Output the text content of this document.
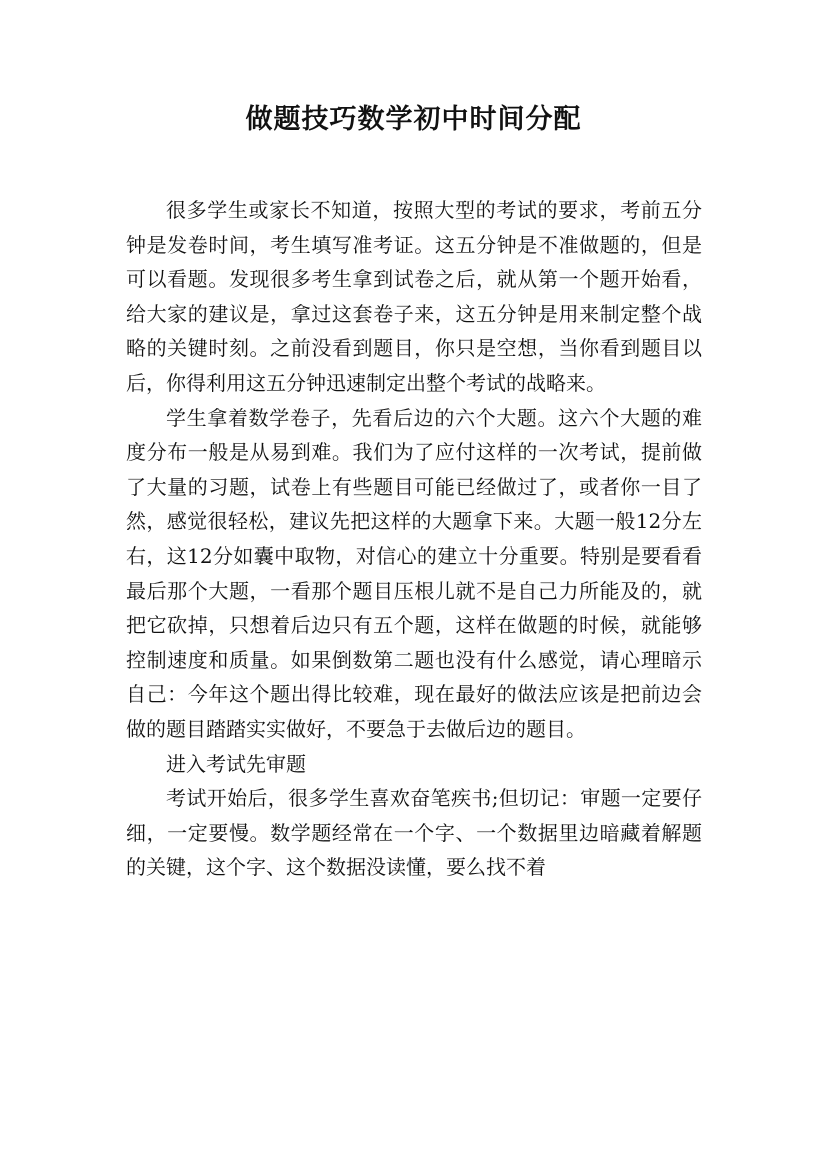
做题技巧数学初中时间分配

很多学生或家长不知道，按照大型的考试的要求，考前五分钟是发卷时间，考生填写准考证。这五分钟是不准做题的，但是可以看题。发现很多考生拿到试卷之后，就从第一个题开始看，给大家的建议是，拿过这套卷子来，这五分钟是用来制定整个战略的关键时刻。之前没看到题目，你只是空想，当你看到题目以后，你得利用这五分钟迅速制定出整个考试的战略来。

学生拿着数学卷子，先看后边的六个大题。这六个大题的难度分布一般是从易到难。我们为了应付这样的一次考试，提前做了大量的习题，试卷上有些题目可能已经做过了，或者你一目了然，感觉很轻松，建议先把这样的大题拿下来。大题一般12分左右，这12分如囊中取物，对信心的建立十分重要。特别是要看看最后那个大题，一看那个题目压根儿就不是自己力所能及的，就把它砍掉，只想着后边只有五个题，这样在做题的时候，就能够控制速度和质量。如果倒数第二题也没有什么感觉，请心理暗示自己：今年这个题出得比较难，现在最好的做法应该是把前边会做的题目踏踏实实做好，不要急于去做后边的题目。

进入考试先审题

考试开始后，很多学生喜欢奋笔疾书;但切记：审题一定要仔细，一定要慢。数学题经常在一个字、一个数据里边暗藏着解题的关键，这个字、这个数据没读懂，要么找不着
